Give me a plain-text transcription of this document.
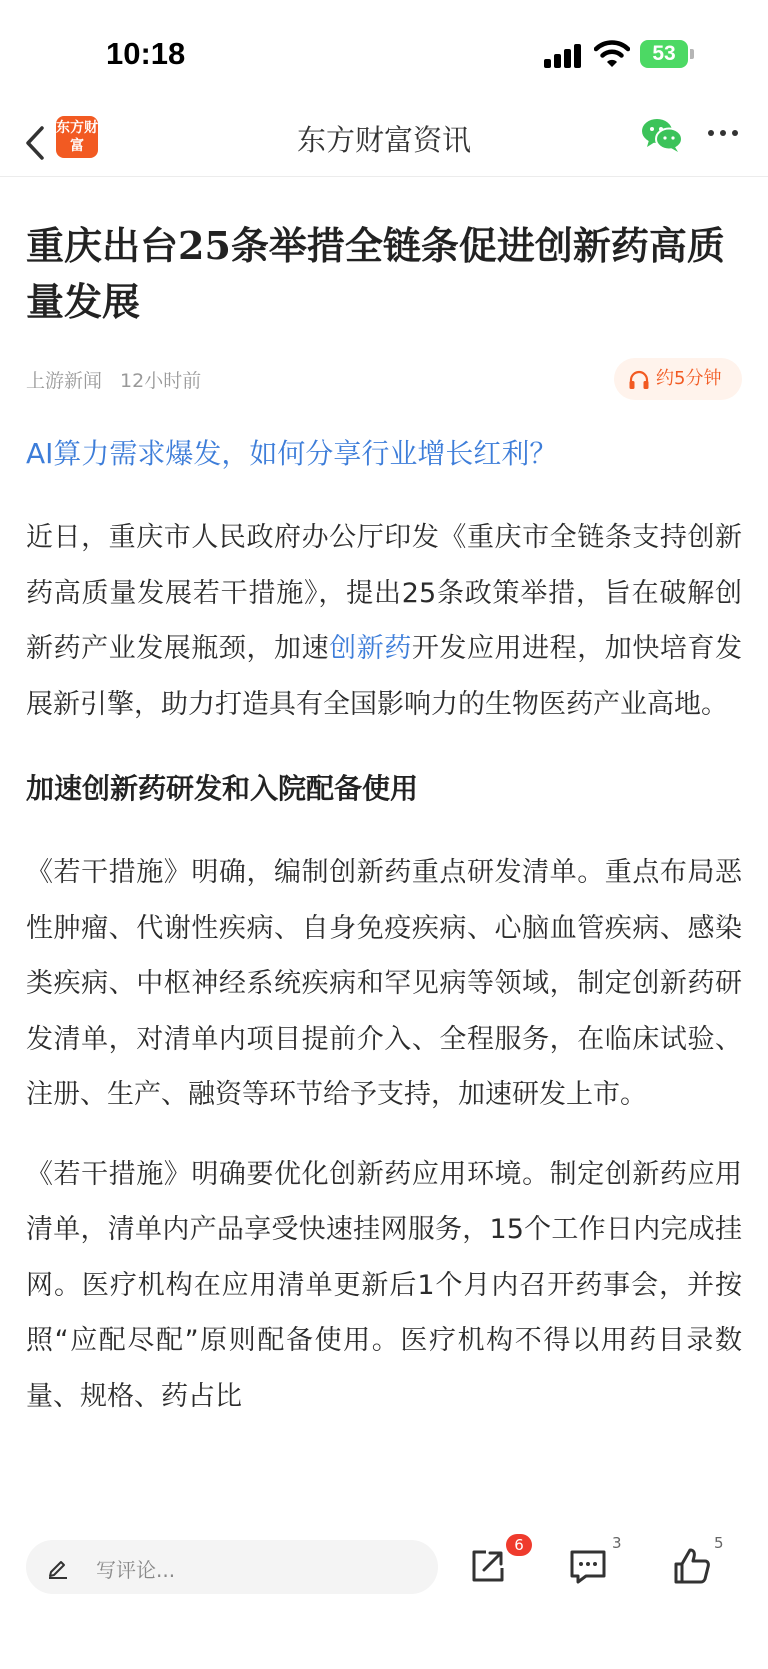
10:18	53
东方财富	东方财富资讯
重庆出台25条举措全链条促进创新药高质量发展
上游新闻 12小时前	约5分钟
AI算力需求爆发，如何分享行业增长红利？

近日，重庆市人民政府办公厅印发《重庆市全链条支持创新药高质量发展若干措施》，提出25条政策举措，旨在破解创新药产业发展瓶颈，加速创新药开发应用进程，加快培育发展新引擎，助力打造具有全国影响力的生物医药产业高地。

加速创新药研发和入院配备使用

《若干措施》明确，编制创新药重点研发清单。重点布局恶性肿瘤、代谢性疾病、自身免疫疾病、心脑血管疾病、感染类疾病、中枢神经系统疾病和罕见病等领域，制定创新药研发清单，对清单内项目提前介入、全程服务，在临床试验、注册、生产、融资等环节给予支持，加速研发上市。

《若干措施》明确要优化创新药应用环境。制定创新药应用清单，清单内产品享受快速挂网服务，15个工作日内完成挂网。医疗机构在应用清单更新后1个月内召开药事会，并按照“应配尽配”原则配备使用。医疗机构不得以用药目录数量、规格、药占比

写评论...
6	3	5
